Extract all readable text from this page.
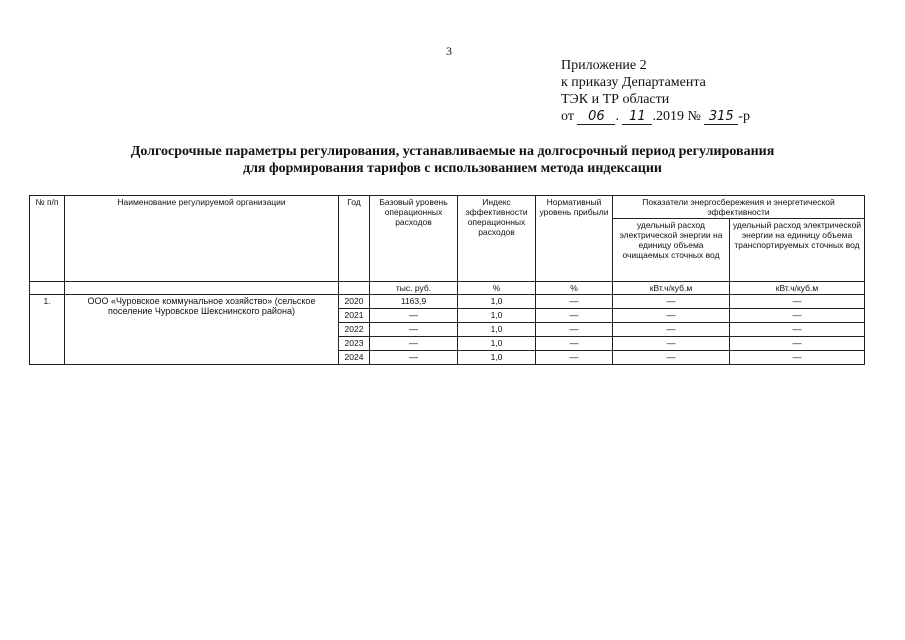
3
Приложение 2
к приказу Департамента
ТЭК и ТР области
от 06 . 11 .2019 № 315 -р
Долгосрочные параметры регулирования, устанавливаемые на долгосрочный период регулирования
для формирования тарифов с использованием метода индексации
№ п/п	Наименование регулируемой организации	Год	Базовый уровень операционных расходов	Индекс эффективности операционных расходов	Нормативный уровень прибыли	Показатели энергосбережения и энергетической эффективности	
						удельный расход электрической энергии на единицу объема очищаемых сточных вод	удельный расход электрической энергии на единицу объема транспортируемых сточных вод
			тыс. руб.	%	%	кВт.ч/куб.м	кВт.ч/куб.м
1.	ООО «Чуровское коммунальное хозяйство» (сельское поселение Чуровское Шекснинского района)	2020	1163,9	1,0	—	—	—
		2021	—	1,0	—	—	—
		2022	—	1,0	—	—	—
		2023	—	1,0	—	—	—
		2024	—	1,0	—	—	—
